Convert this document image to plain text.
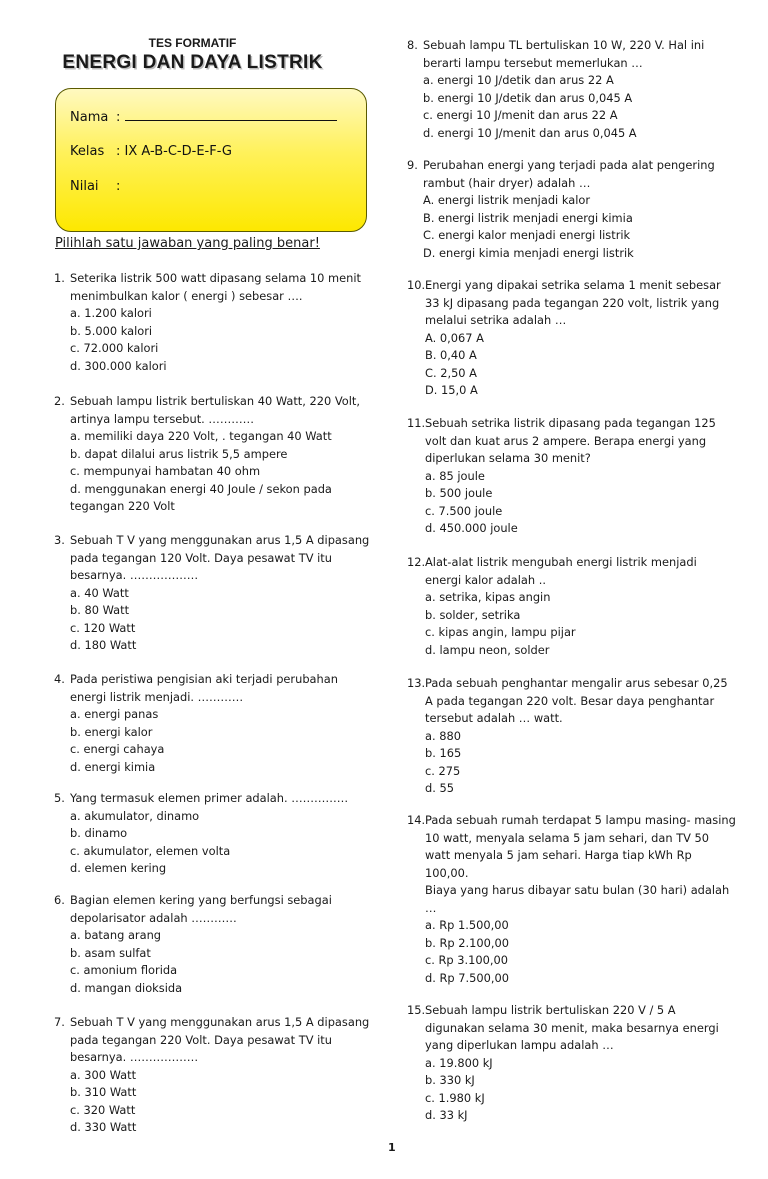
TES FORMATIF
ENERGI DAN DAYA LISTRIK
Nama :
Kelas : IX A-B-C-D-E-F-G
Nilai :
Pilihlah satu jawaban yang paling benar!
1. Seterika listrik 500 watt dipasang selama 10 menit
menimbulkan kalor ( energi ) sebesar ….
a. 1.200 kalori
b. 5.000 kalori
c. 72.000 kalori
d. 300.000 kalori
2. Sebuah lampu listrik bertuliskan 40 Watt, 220 Volt,
artinya lampu tersebut. …………
a. memiliki daya 220 Volt, . tegangan 40 Watt
b. dapat dilalui arus listrik 5,5 ampere
c. mempunyai hambatan 40 ohm
d. menggunakan energi 40 Joule / sekon pada
tegangan 220 Volt
3. Sebuah T V yang menggunakan arus 1,5 A dipasang
pada tegangan 120 Volt. Daya pesawat TV itu
besarnya. ………………
a. 40 Watt
b. 80 Watt
c. 120 Watt
d. 180 Watt
4. Pada peristiwa pengisian aki terjadi perubahan
energi listrik menjadi. …………
a. energi panas
b. energi kalor
c. energi cahaya
d. energi kimia
5. Yang termasuk elemen primer adalah. ……………
a. akumulator, dinamo
b. dinamo
c. akumulator, elemen volta
d. elemen kering
6. Bagian elemen kering yang berfungsi sebagai
depolarisator adalah …………
a. batang arang
b. asam sulfat
c. amonium florida
d. mangan dioksida
7. Sebuah T V yang menggunakan arus 1,5 A dipasang
pada tegangan 220 Volt. Daya pesawat TV itu
besarnya. ………………
a. 300 Watt
b. 310 Watt
c. 320 Watt
d. 330 Watt
8. Sebuah lampu TL bertuliskan 10 W, 220 V. Hal ini
berarti lampu tersebut memerlukan …
a. energi 10 J/detik dan arus 22 A
b. energi 10 J/detik dan arus 0,045 A
c. energi 10 J/menit dan arus 22 A
d. energi 10 J/menit dan arus 0,045 A
9. Perubahan energi yang terjadi pada alat pengering
rambut (hair dryer) adalah …
A. energi listrik menjadi kalor
B. energi listrik menjadi energi kimia
C. energi kalor menjadi energi listrik
D. energi kimia menjadi energi listrik
10. Energi yang dipakai setrika selama 1 menit sebesar
33 kJ dipasang pada tegangan 220 volt, listrik yang
melalui setrika adalah …
A. 0,067 A
B. 0,40 A
C. 2,50 A
D. 15,0 A
11. Sebuah setrika listrik dipasang pada tegangan 125
volt dan kuat arus 2 ampere. Berapa energi yang
diperlukan selama 30 menit?
a. 85 joule
b. 500 joule
c. 7.500 joule
d. 450.000 joule
12. Alat-alat listrik mengubah energi listrik menjadi
energi kalor adalah ..
a. setrika, kipas angin
b. solder, setrika
c. kipas angin, lampu pijar
d. lampu neon, solder
13. Pada sebuah penghantar mengalir arus sebesar 0,25
A pada tegangan 220 volt. Besar daya penghantar
tersebut adalah … watt.
a. 880
b. 165
c. 275
d. 55
14. Pada sebuah rumah terdapat 5 lampu masing- masing
10 watt, menyala selama 5 jam sehari, dan TV 50
watt menyala 5 jam sehari. Harga tiap kWh Rp
100,00.
Biaya yang harus dibayar satu bulan (30 hari) adalah
…
a. Rp 1.500,00
b. Rp 2.100,00
c. Rp 3.100,00
d. Rp 7.500,00
15. Sebuah lampu listrik bertuliskan 220 V / 5 A
digunakan selama 30 menit, maka besarnya energi
yang diperlukan lampu adalah …
a. 19.800 kJ
b. 330 kJ
c. 1.980 kJ
d. 33 kJ
1
